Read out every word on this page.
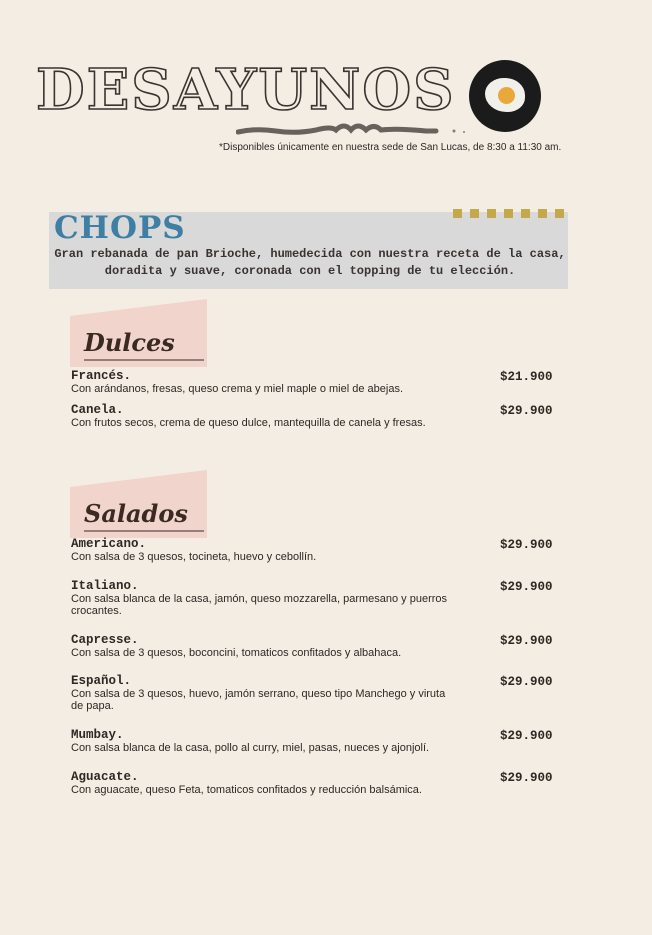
DESAYUNOS
*Disponibles únicamente en nuestra sede de San Lucas, de 8:30 a 11:30 am.
CHOPS
Gran rebanada de pan Brioche, humedecida con nuestra receta de la casa, doradita y suave, coronada con el topping de tu elección.
Dulces
Francés.
Con arándanos, fresas, queso crema y miel maple o miel de abejas.
$21.900
Canela.
Con frutos secos, crema de queso dulce, mantequilla de canela y fresas.
$29.900
Salados
Americano.
Con salsa de 3 quesos, tocineta, huevo y cebollín.
$29.900
Italiano.
Con salsa blanca de la casa, jamón, queso mozzarella, parmesano y puerros crocantes.
$29.900
Capresse.
Con salsa de 3 quesos, boconcini, tomaticos confitados y albahaca.
$29.900
Español.
Con salsa de 3 quesos, huevo, jamón serrano, queso tipo Manchego y viruta de papa.
$29.900
Mumbay.
Con salsa blanca de la casa, pollo al curry, miel, pasas, nueces y ajonjolí.
$29.900
Aguacate.
Con aguacate, queso Feta, tomaticos confitados y reducción balsámica.
$29.900
